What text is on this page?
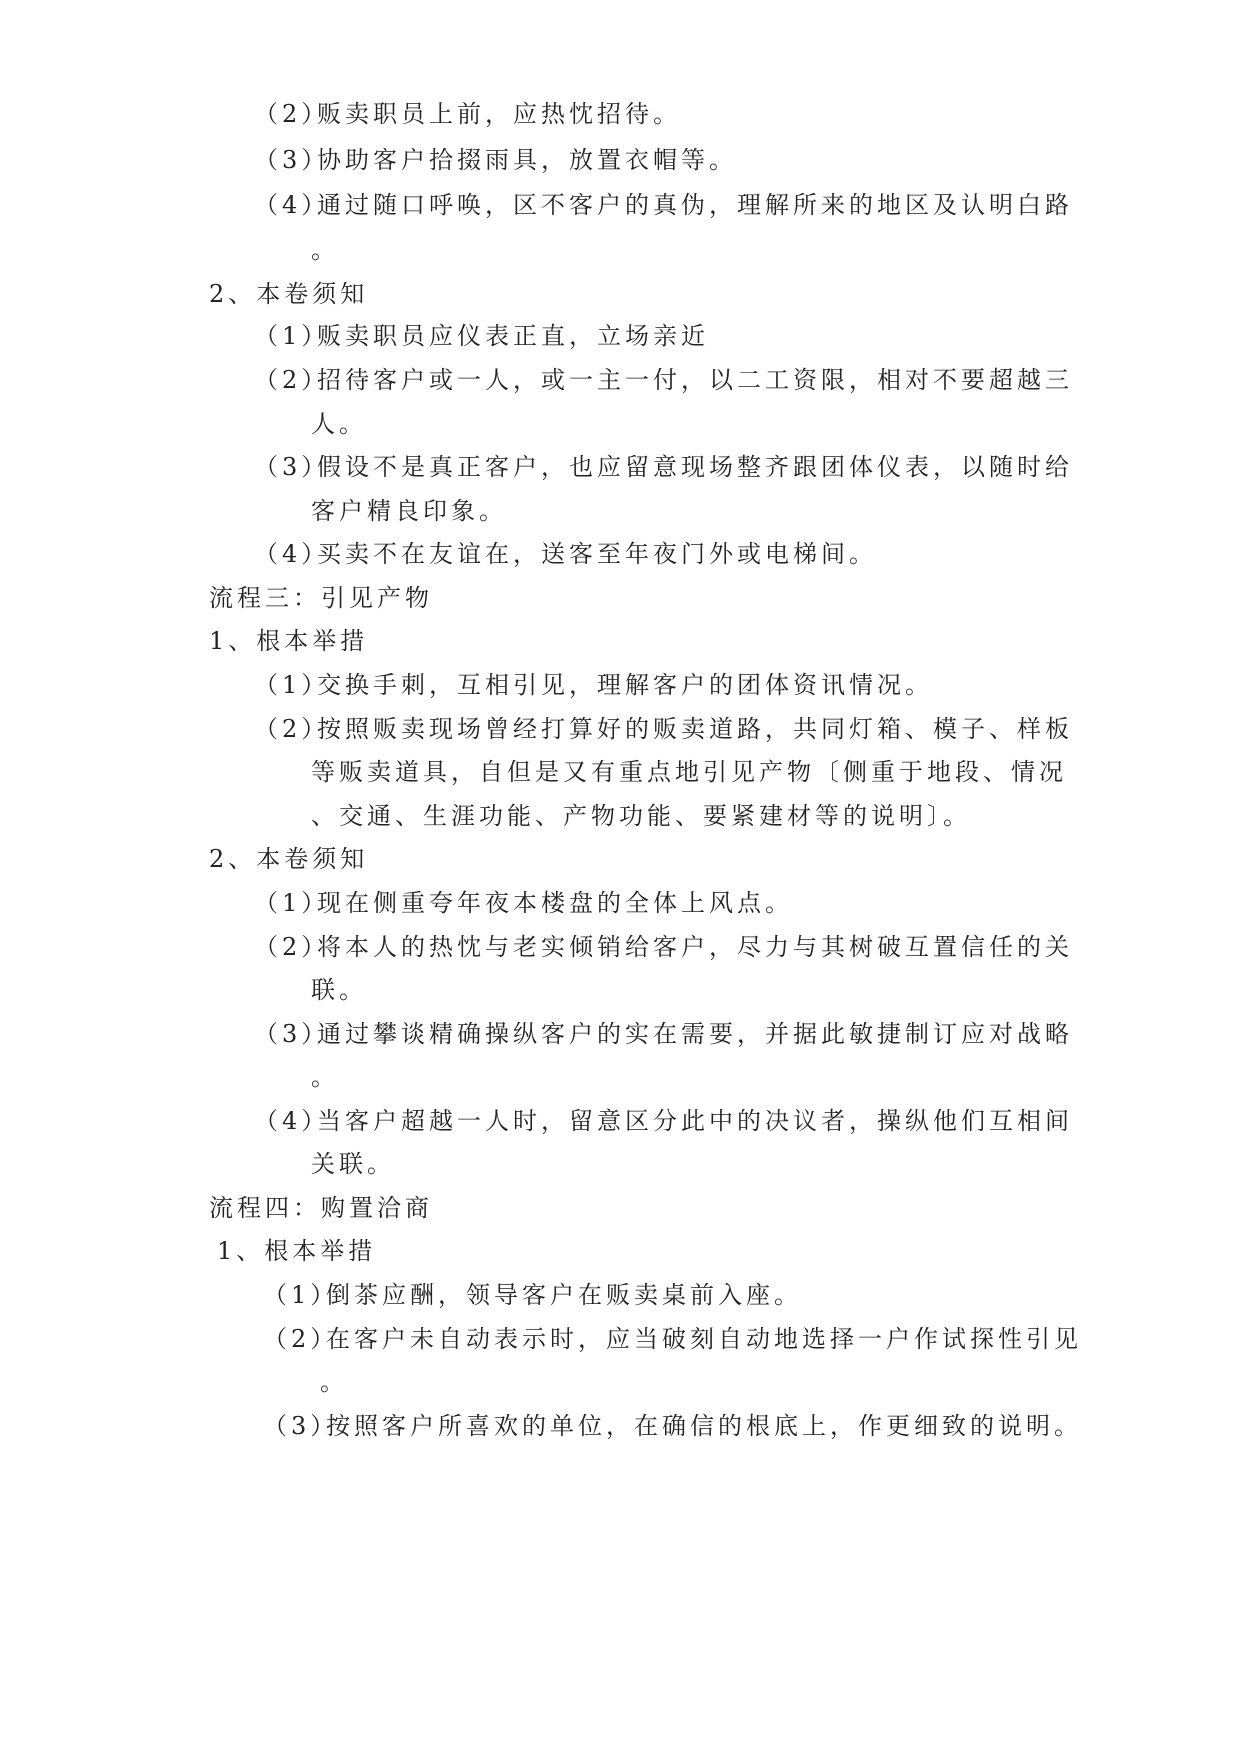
（2）
贩卖职员上前，应热忱招待。
（3）
协助客户拾掇雨具，放置衣帽等。
（4）
通过随口呼唤，区不客户的真伪，理解所来的地区及认明白路
。
2、本卷须知
（1）
贩卖职员应仪表正直，立场亲近
（2）
招待客户或一人，或一主一付，以二工资限，相对不要超越三
人。
（3）
假设不是真正客户，也应留意现场整齐跟团体仪表，以随时给
客户精良印象。
（4）
买卖不在友谊在，送客至年夜门外或电梯间。
流程三：引见产物
1、根本举措
（1）
交换手刺，互相引见，理解客户的团体资讯情况。
（2）
按照贩卖现场曾经打算好的贩卖道路，共同灯箱、模子、样板
等贩卖道具，自但是又有重点地引见产物〔侧重于地段、情况
、交通、生涯功能、产物功能、要紧建材等的说明〕。
2、本卷须知
（1）
现在侧重夸年夜本楼盘的全体上风点。
（2）
将本人的热忱与老实倾销给客户，尽力与其树破互置信任的关
联。
（3）
通过攀谈精确操纵客户的实在需要，并据此敏捷制订应对战略
。
（4）
当客户超越一人时，留意区分此中的决议者，操纵他们互相间
关联。
流程四：购置洽商
1、根本举措
（1）
倒茶应酬，领导客户在贩卖桌前入座。
（2）
在客户未自动表示时，应当破刻自动地选择一户作试探性引见
。
（3）
按照客户所喜欢的单位，在确信的根底上，作更细致的说明。
